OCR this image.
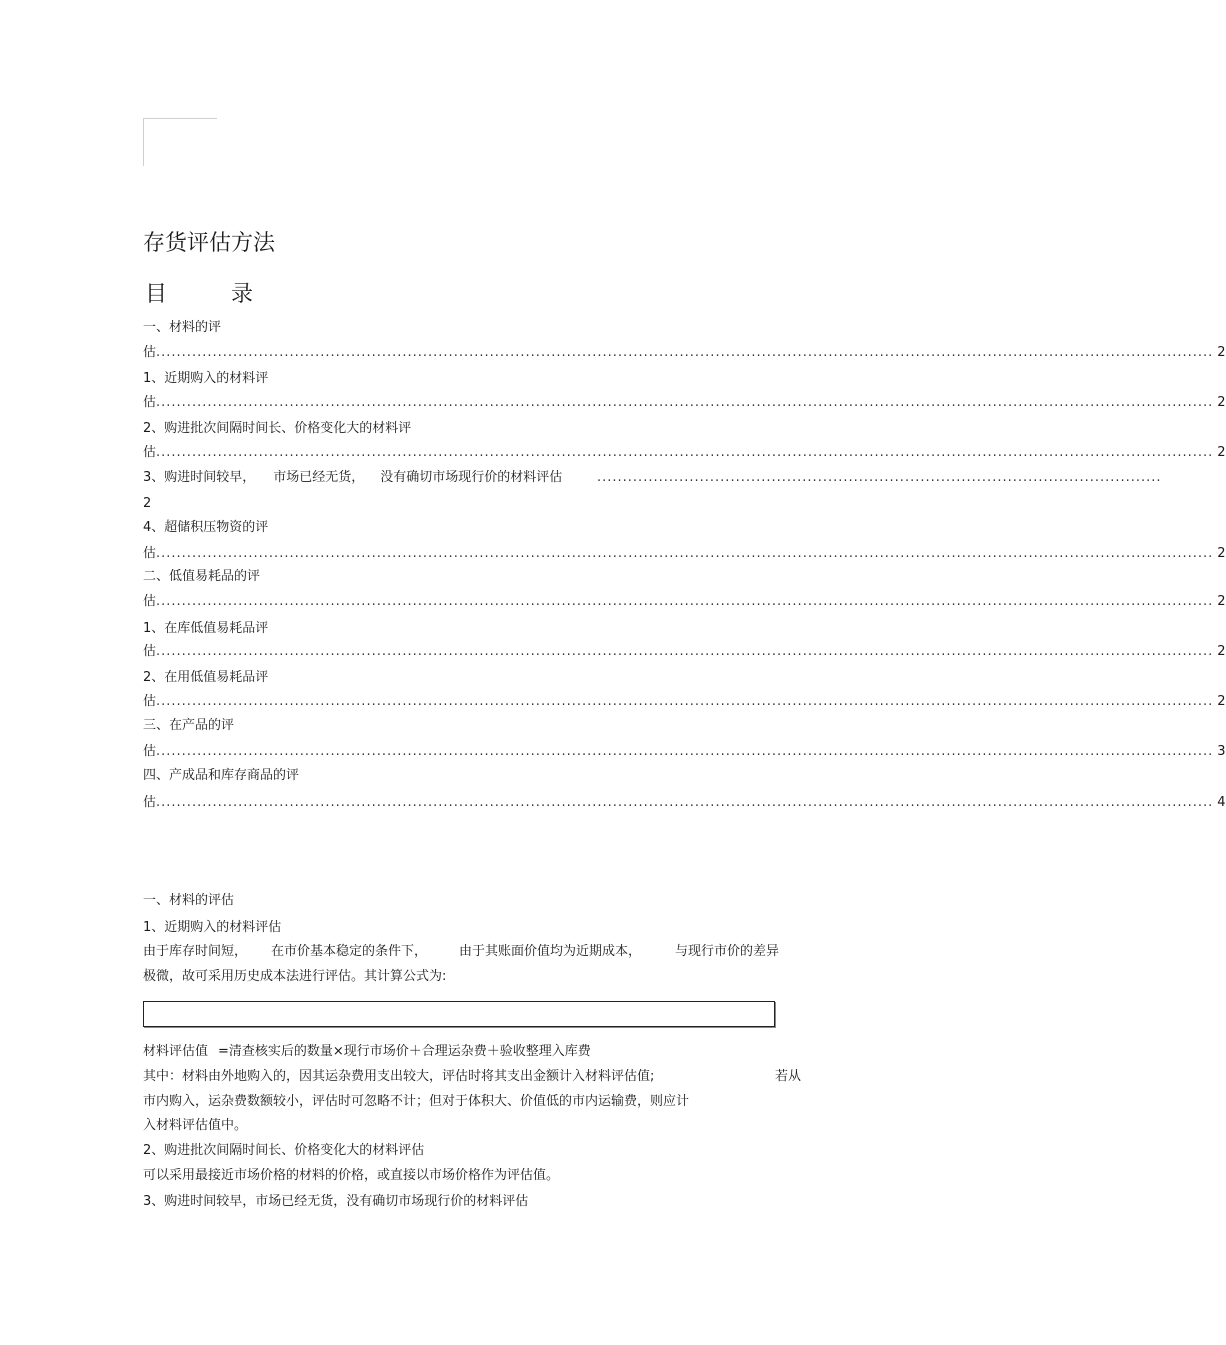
存货评估方法
目	录
一、材料的评
估 .............................................................................................................................................................................................................. 2
1、近期购入的材料评
估 .............................................................................................................................................................................................................. 2
2、购进批次间隔时间长、价格变化大的材料评
估 .............................................................................................................................................................................................................. 2
3、购进时间较早， 市场已经无货， 没有确切市场现行价的材料评估	..............................................................................................................
2
4、超储积压物资的评
估 .............................................................................................................................................................................................................. 2
二、低值易耗品的评
估 .............................................................................................................................................................................................................. 2
1、在库低值易耗品评
估 .............................................................................................................................................................................................................. 2
2、在用低值易耗品评
估 .............................................................................................................................................................................................................. 2
三、在产品的评
估 .............................................................................................................................................................................................................. 3
四、产成品和库存商品的评
估 .............................................................................................................................................................................................................. 4
一、材料的评估
1、近期购入的材料评估
由于库存时间短， 在市价基本稳定的条件下， 由于其账面价值均为近期成本，	与现行市价的差异
极微，故可采用历史成本法进行评估。其计算公式为:
材料评估值 =清查核实后的数量×现行市场价＋合理运杂费＋验收整理入库费
其中：材料由外地购入的，因其运杂费用支出较大，评估时将其支出金额计入材料评估值;	若从
市内购入，运杂费数额较小，评估时可忽略不计；但对于体积大、价值低的市内运输费，则应计
入材料评估值中。
2、购进批次间隔时间长、价格变化大的材料评估
可以采用最接近市场价格的材料的价格，或直接以市场价格作为评估值。
3、购进时间较早，市场已经无货，没有确切市场现行价的材料评估
